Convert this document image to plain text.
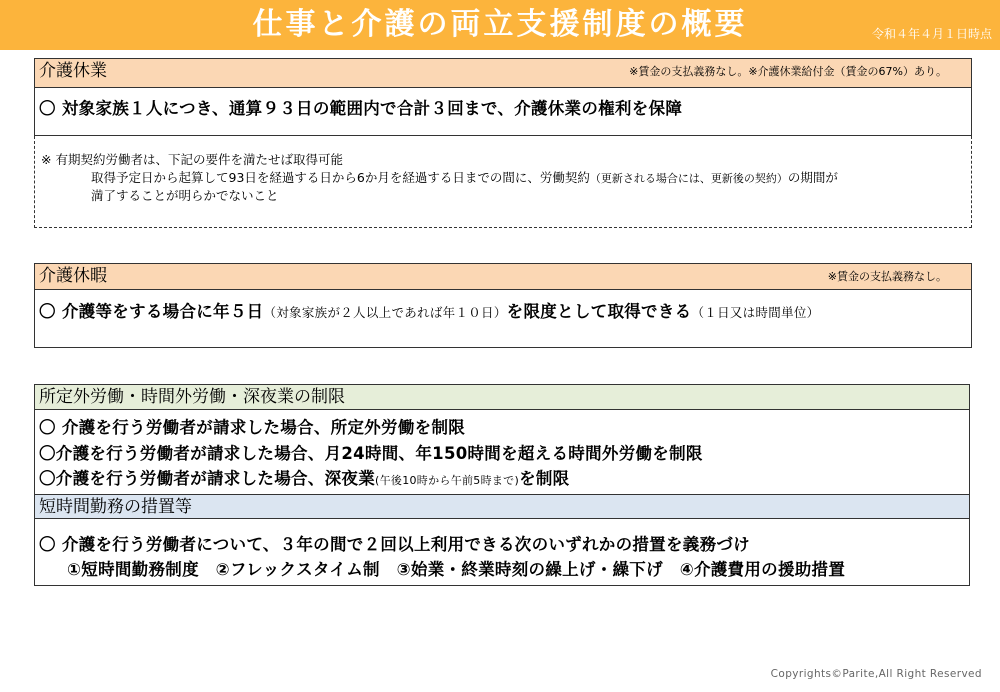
仕事と介護の両立支援制度の概要	令和４年４月１日時点
介護休業	※賃金の支払義務なし。※介護休業給付金（賃金の67%）あり。
〇 対象家族１人につき、通算９３日の範囲内で合計３回まで、介護休業の権利を保障
※ 有期契約労働者は、下記の要件を満たせば取得可能
取得予定日から起算して93日を経過する日から6か月を経過する日までの間に、労働契約（更新される場合には、更新後の契約）の期間が
満了することが明らかでないこと
介護休暇	※賃金の支払義務なし。
〇 介護等をする場合に年５日（対象家族が２人以上であれば年１０日）を限度として取得できる（１日又は時間単位）
所定外労働・時間外労働・深夜業の制限
〇 介護を行う労働者が請求した場合、所定外労働を制限
〇介護を行う労働者が請求した場合、月24時間、年150時間を超える時間外労働を制限
〇介護を行う労働者が請求した場合、深夜業(午後10時から午前5時まで)を制限
短時間勤務の措置等
〇 介護を行う労働者について、３年の間で２回以上利用できる次のいずれかの措置を義務づけ
①短時間勤務制度　②フレックスタイム制　③始業・終業時刻の繰上げ・繰下げ　④介護費用の援助措置
Copyrights©Parite,All Right Reserved
